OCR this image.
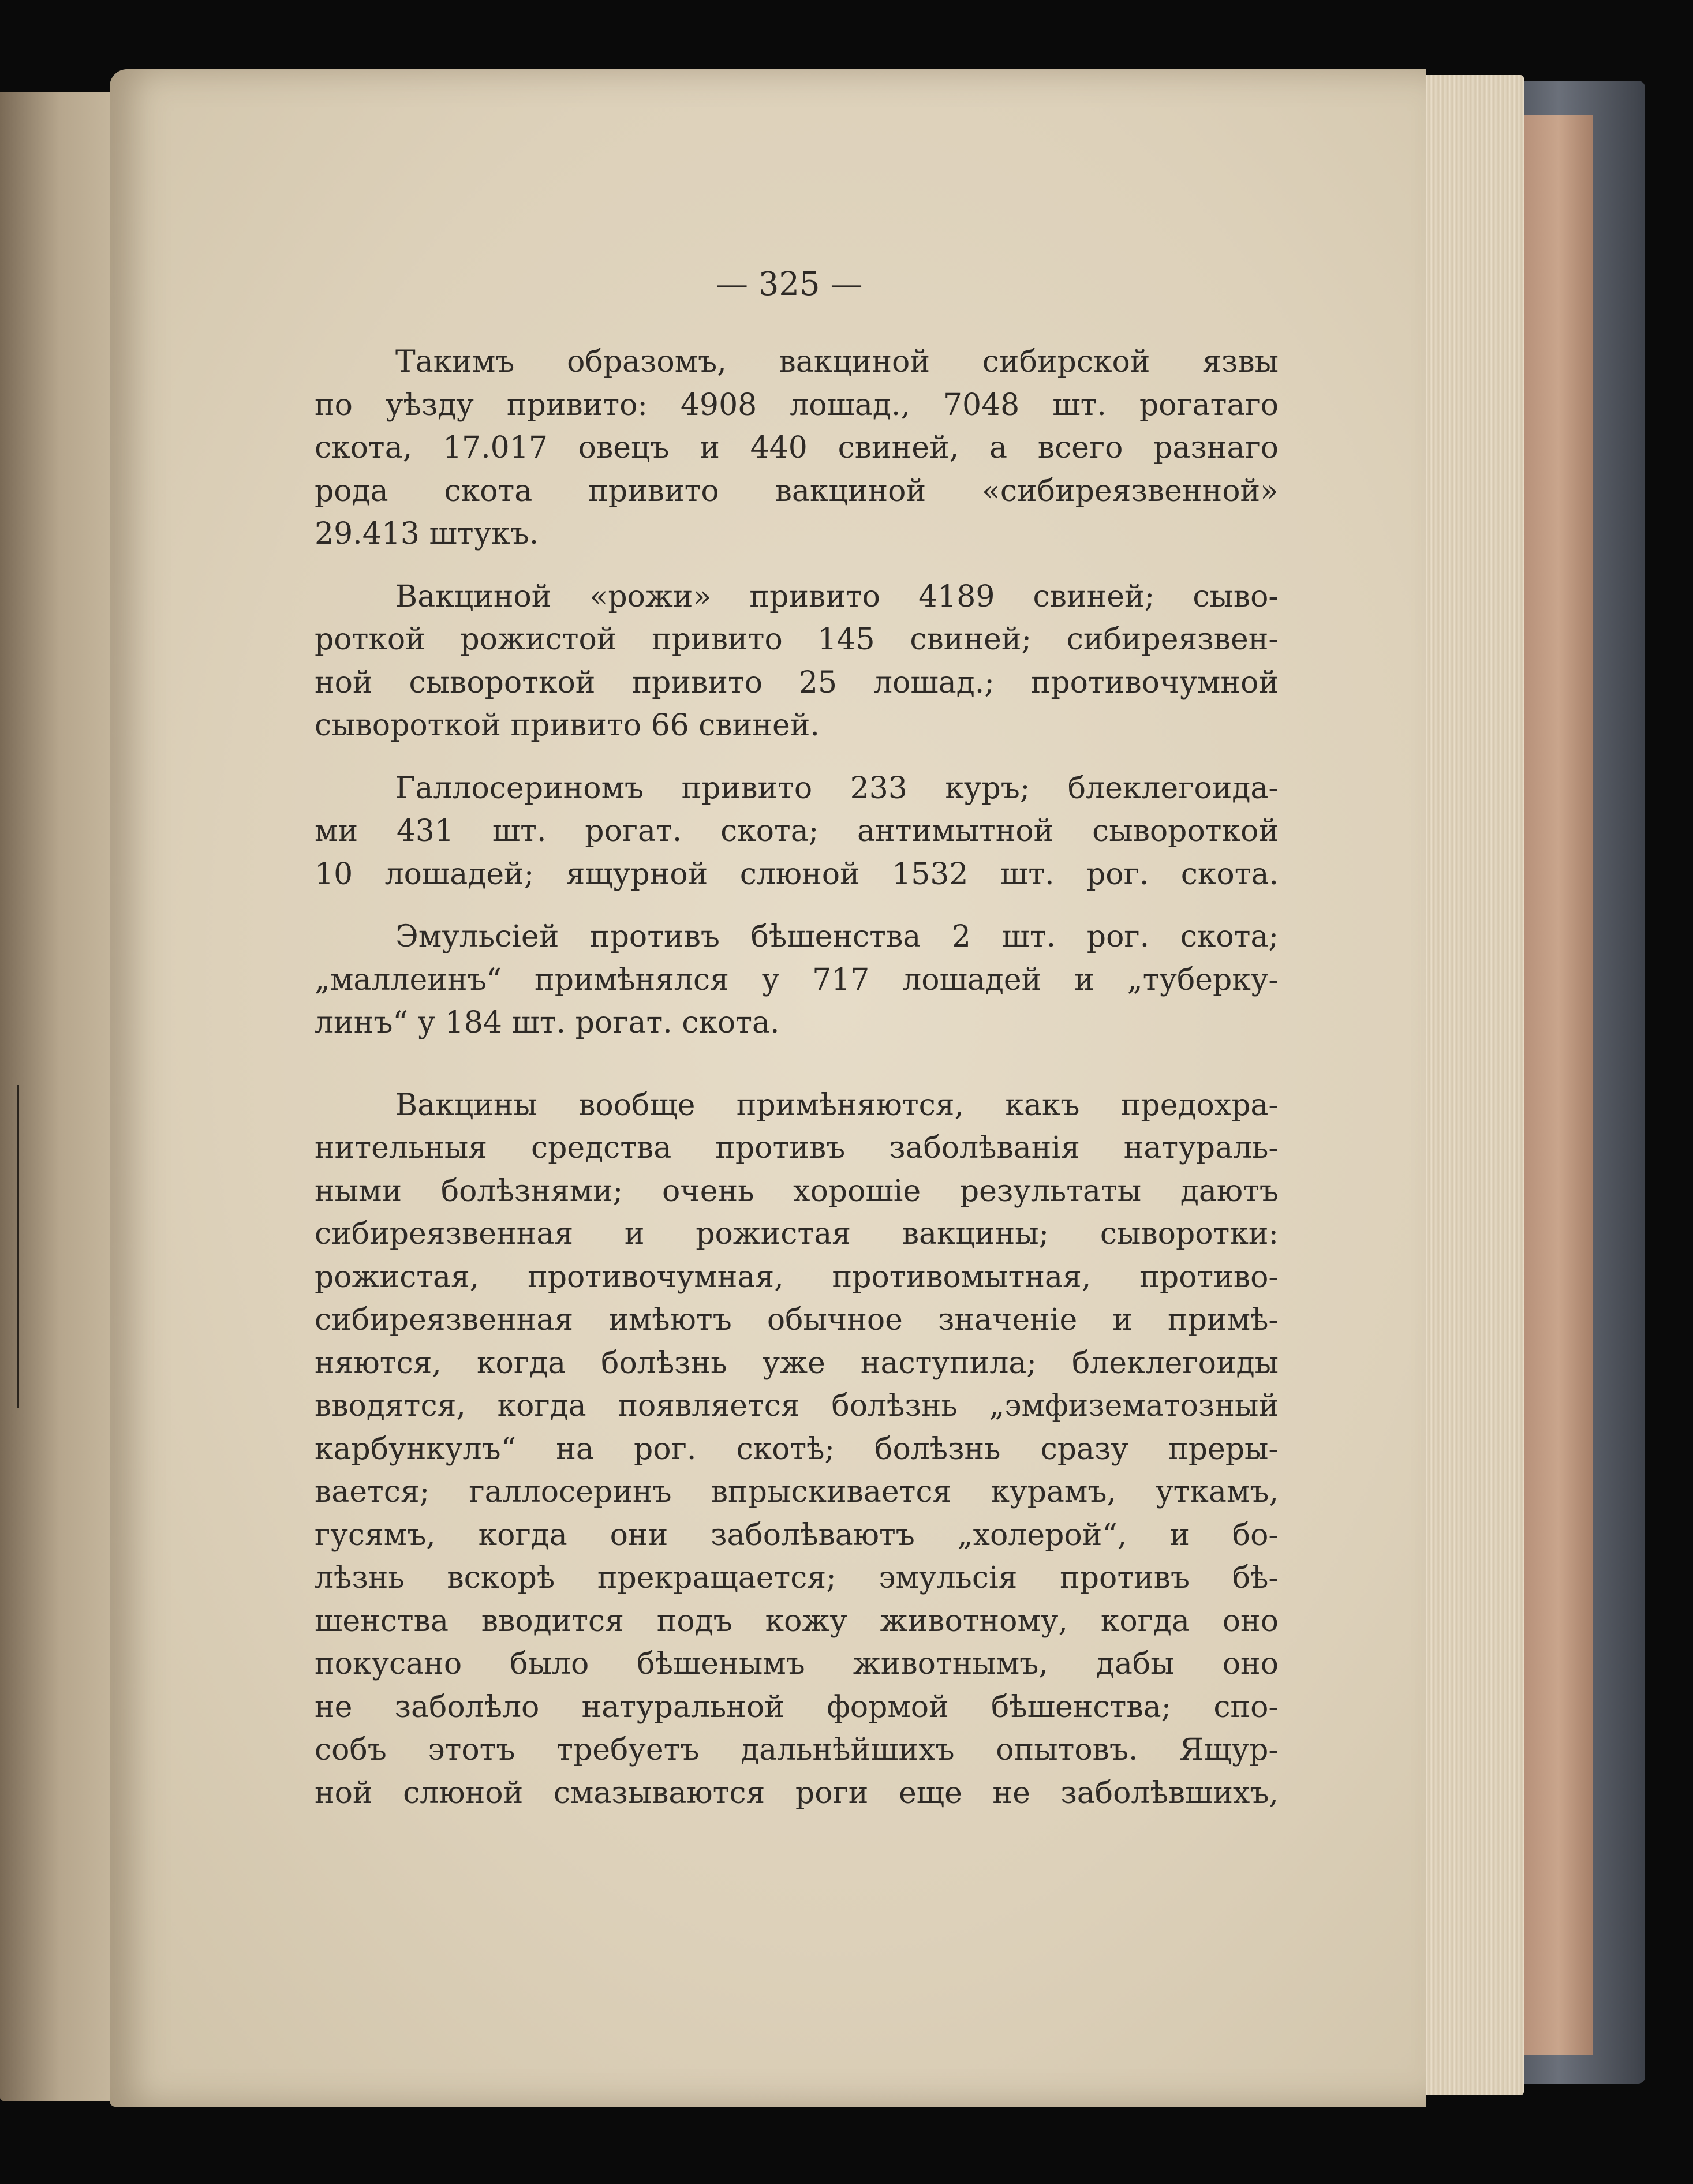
— 325 —
Такимъ образомъ, вакциной сибирской язвы
по уѣзду привито: 4908 лошад., 7048 шт. рогатаго
скота, 17.017 овецъ и 440 свиней, а всего разнаго
рода скота привито вакциной «сибиреязвенной»
29.413 штукъ.
Вакциной «рожи» привито 4189 свиней; сыво-
роткой рожистой привито 145 свиней; сибиреязвен-
ной сывороткой привито 25 лошад.; противочумной
сывороткой привито 66 свиней.
Галлосериномъ привито 233 куръ; блеклегоида-
ми 431 шт. рогат. скота; антимытной сывороткой
10 лошадей; ящурной слюной 1532 шт. рог. скота.
Эмульсіей противъ бѣшенства 2 шт. рог. скота;
„маллеинъ“ примѣнялся у 717 лошадей и „туберку-
линъ“ у 184 шт. рогат. скота.
Вакцины вообще примѣняются, какъ предохра-
нительныя средства противъ заболѣванія натураль-
ными болѣзнями; очень хорошіе результаты даютъ
сибиреязвенная и рожистая вакцины; сыворотки:
рожистая, противочумная, противомытная, противо-
сибиреязвенная имѣютъ обычное значеніе и примѣ-
няются, когда болѣзнь уже наступила; блеклегоиды
вводятся, когда появляется болѣзнь „эмфизематозный
карбункулъ“ на рог. скотѣ; болѣзнь сразу преры-
вается; галлосеринъ впрыскивается курамъ, уткамъ,
гусямъ, когда они заболѣваютъ „холерой“, и бо-
лѣзнь вскорѣ прекращается; эмульсія противъ бѣ-
шенства вводится подъ кожу животному, когда оно
покусано было бѣшенымъ животнымъ, дабы оно
не заболѣло натуральной формой бѣшенства; спо-
собъ этотъ требуетъ дальнѣйшихъ опытовъ. Ящур-
ной слюной смазываются роги еще не заболѣвшихъ,
